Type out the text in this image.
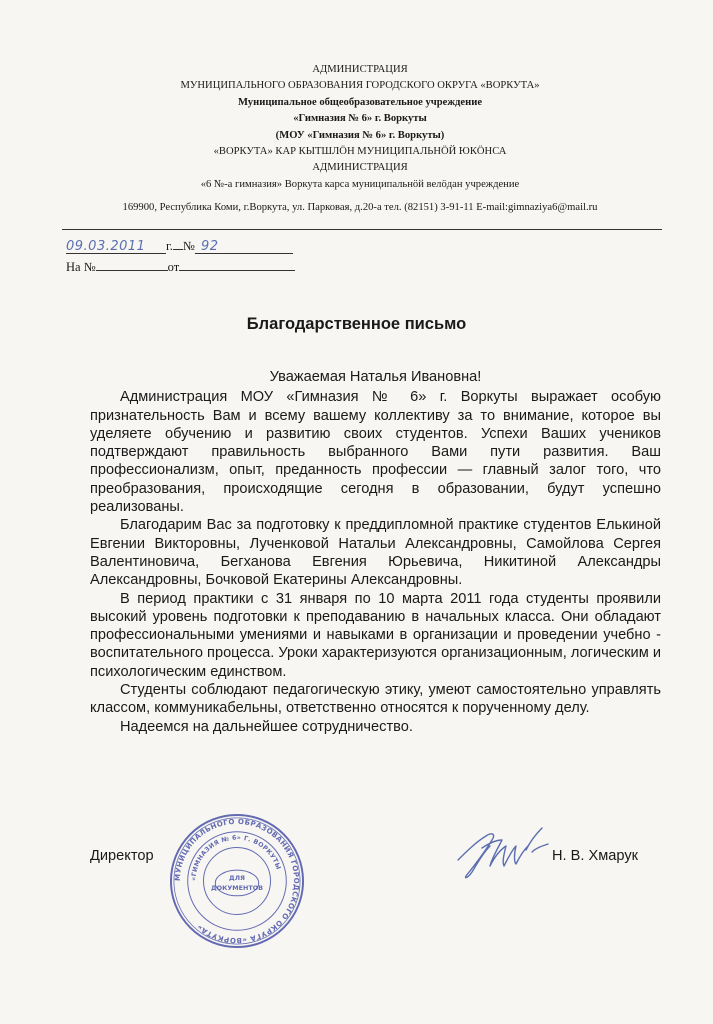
АДМИНИСТРАЦИЯ
МУНИЦИПАЛЬНОГО ОБРАЗОВАНИЯ ГОРОДСКОГО ОКРУГА «ВОРКУТА»
Муниципальное общеобразовательное учреждение
«Гимназия № 6» г. Воркуты
(МОУ «Гимназия № 6» г. Воркуты)
«ВОРКУТА» КАР КЫТШЛÖН МУНИЦИПАЛЬНÖЙ ЮКÖНСА
АДМИНИСТРАЦИЯ
«6 №-а гимназия» Воркута карса муниципальнöй велöдан учреждение
169900, Республика Коми, г.Воркута, ул. Парковая, д.20-а тел. (82151) 3-91-11 E-mail:gimnaziya6@mail.ru
09.03.2011 г. № 92
На №	от
Благодарственное письмо
Уважаемая Наталья Ивановна!

Администрация МОУ «Гимназия № 6» г. Воркуты выражает особую признательность Вам и всему вашему коллективу за то внимание, которое вы уделяете обучению и развитию своих студентов. Успехи Ваших учеников подтверждают правильность выбранного Вами пути развития. Ваш профессионализм, опыт, преданность профессии — главный залог того, что преобразования, происходящие сегодня в образовании, будут успешно реализованы.

Благодарим Вас за подготовку к преддипломной практике студентов Елькиной Евгении Викторовны, Лученковой Натальи Александровны, Самойлова Сергея Валентиновича, Бегханова Евгения Юрьевича, Никитиной Александры Александровны, Бочковой Екатерины Александровны.

В период практики с 31 января по 10 марта 2011 года студенты проявили высокий уровень подготовки к преподаванию в начальных класса. Они обладают профессиональными умениями и навыками в организации и проведении учебно - воспитательного процесса. Уроки характеризуются организационным, логическим и психологическим единством.

Студенты соблюдают педагогическую этику, умеют самостоятельно управлять классом, коммуникабельны, ответственно относятся к порученному делу.

Надеемся на дальнейшее сотрудничество.

Директор	Н. В. Хмарук
МУНИЦИПАЛЬНОГО ОБРАЗОВАНИЯ ГОРОДСКОГО ОКРУГА «ВОРКУТА»
«ГИМНАЗИЯ № 6» Г. ВОРКУТЫ
ДЛЯ
ДОКУМЕНТОВ
